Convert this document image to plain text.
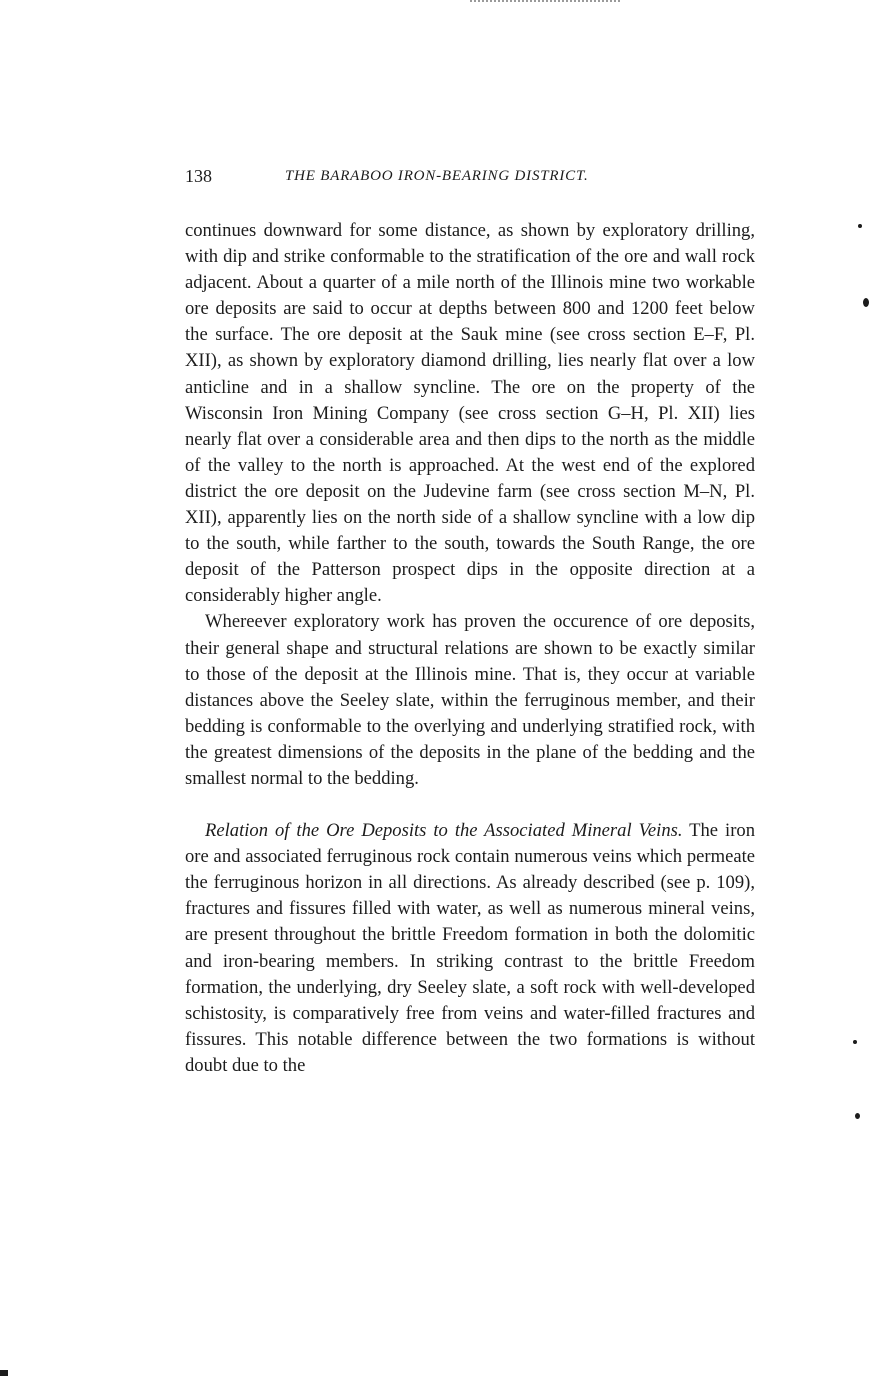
138	THE BARABOO IRON-BEARING DISTRICT.

continues downward for some distance, as shown by exploratory drilling, with dip and strike conformable to the stratification of the ore and wall rock adjacent. About a quarter of a mile north of the Illinois mine two workable ore deposits are said to occur at depths between 800 and 1200 feet below the surface. The ore deposit at the Sauk mine (see cross section E–F, Pl. XII), as shown by exploratory diamond drilling, lies nearly flat over a low anticline and in a shallow syncline. The ore on the property of the Wisconsin Iron Mining Company (see cross section G–H, Pl. XII) lies nearly flat over a considerable area and then dips to the north as the middle of the valley to the north is approached. At the west end of the explored district the ore deposit on the Judevine farm (see cross section M–N, Pl. XII), apparently lies on the north side of a shallow syncline with a low dip to the south, while farther to the south, towards the South Range, the ore deposit of the Patterson prospect dips in the opposite direction at a considerably higher angle.

Whereever exploratory work has proven the occurence of ore deposits, their general shape and structural relations are shown to be exactly similar to those of the deposit at the Illinois mine. That is, they occur at variable distances above the Seeley slate, within the ferruginous member, and their bedding is conformable to the overlying and underlying stratified rock, with the greatest dimensions of the deposits in the plane of the bedding and the smallest normal to the bedding.

Relation of the Ore Deposits to the Associated Mineral Veins. The iron ore and associated ferruginous rock contain numerous veins which permeate the ferruginous horizon in all directions. As already described (see p. 109), fractures and fissures filled with water, as well as numerous mineral veins, are present throughout the brittle Freedom formation in both the dolomitic and iron-bearing members. In striking contrast to the brittle Freedom formation, the underlying, dry Seeley slate, a soft rock with well-developed schistosity, is comparatively free from veins and water-filled fractures and fissures. This notable difference between the two formations is without doubt due to the
